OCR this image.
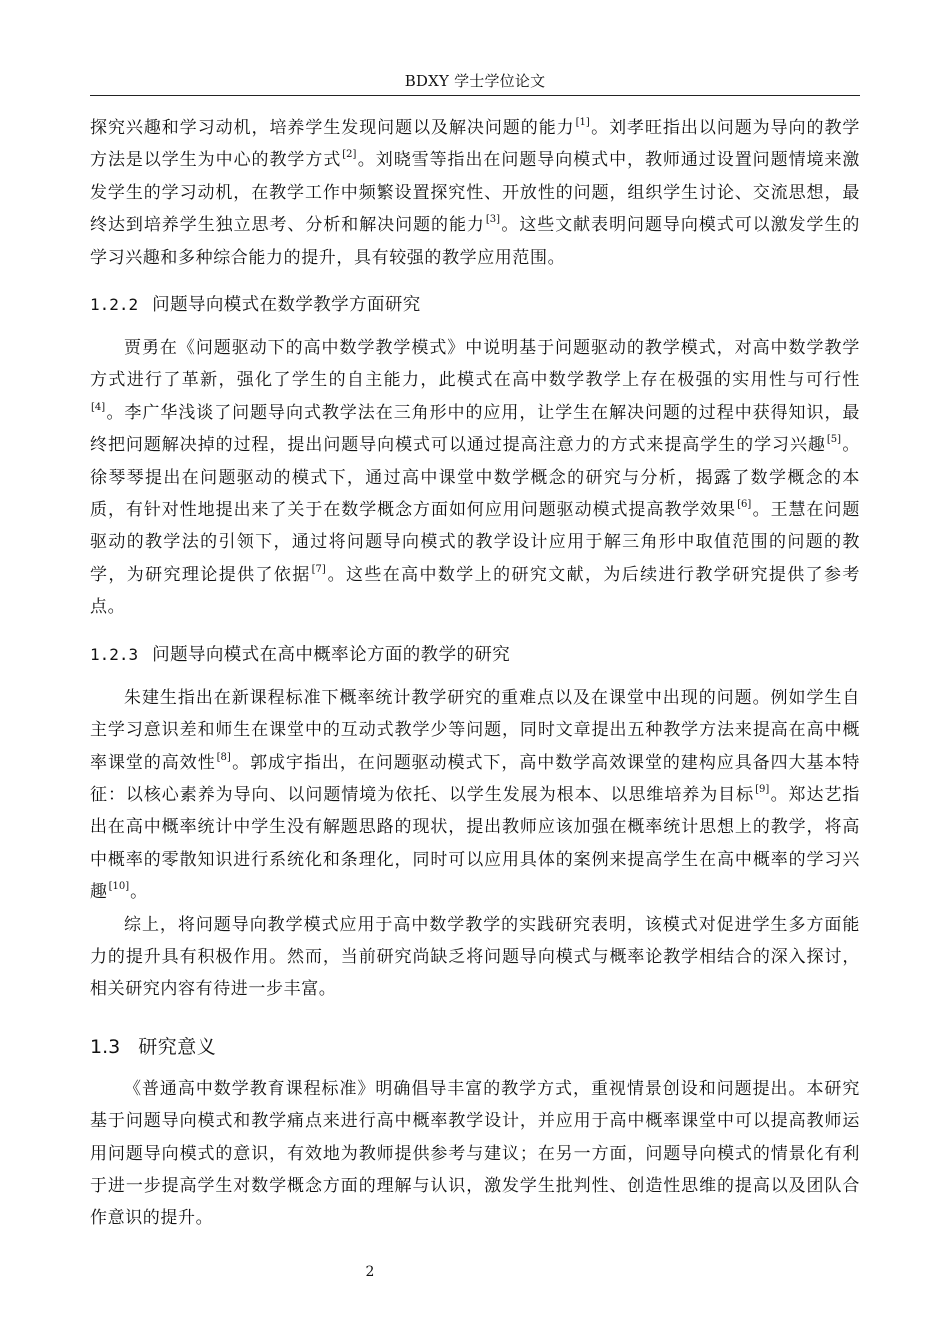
BDXY 学士学位论文

探究兴趣和学习动机，培养学生发现问题以及解决问题的能力[1]。刘孝旺指出以问题为导向的教学方法是以学生为中心的教学方式[2]。刘晓雪等指出在问题导向模式中，教师通过设置问题情境来激发学生的学习动机，在教学工作中频繁设置探究性、开放性的问题，组织学生讨论、交流思想，最终达到培养学生独立思考、分析和解决问题的能力[3]。这些文献表明问题导向模式可以激发学生的学习兴趣和多种综合能力的提升，具有较强的教学应用范围。

1.2.2 问题导向模式在数学教学方面研究

贾勇在《问题驱动下的高中数学教学模式》中说明基于问题驱动的教学模式，对高中数学教学方式进行了革新，强化了学生的自主能力，此模式在高中数学教学上存在极强的实用性与可行性[4]。李广华浅谈了问题导向式教学法在三角形中的应用，让学生在解决问题的过程中获得知识，最终把问题解决掉的过程，提出问题导向模式可以通过提高注意力的方式来提高学生的学习兴趣[5]。徐琴琴提出在问题驱动的模式下，通过高中课堂中数学概念的研究与分析，揭露了数学概念的本质，有针对性地提出来了关于在数学概念方面如何应用问题驱动模式提高教学效果[6]。王慧在问题驱动的教学法的引领下，通过将问题导向模式的教学设计应用于解三角形中取值范围的问题的教学，为研究理论提供了依据[7]。这些在高中数学上的研究文献，为后续进行教学研究提供了参考点。

1.2.3 问题导向模式在高中概率论方面的教学的研究

朱建生指出在新课程标准下概率统计教学研究的重难点以及在课堂中出现的问题。例如学生自主学习意识差和师生在课堂中的互动式教学少等问题，同时文章提出五种教学方法来提高在高中概率课堂的高效性[8]。郭成宇指出，在问题驱动模式下，高中数学高效课堂的建构应具备四大基本特征：以核心素养为导向、以问题情境为依托、以学生发展为根本、以思维培养为目标[9]。郑达艺指出在高中概率统计中学生没有解题思路的现状，提出教师应该加强在概率统计思想上的教学，将高中概率的零散知识进行系统化和条理化，同时可以应用具体的案例来提高学生在高中概率的学习兴趣[10]。

综上，将问题导向教学模式应用于高中数学教学的实践研究表明，该模式对促进学生多方面能力的提升具有积极作用。然而，当前研究尚缺乏将问题导向模式与概率论教学相结合的深入探讨，相关研究内容有待进一步丰富。

1.3 研究意义

《普通高中数学教育课程标准》明确倡导丰富的教学方式，重视情景创设和问题提出。本研究基于问题导向模式和教学痛点来进行高中概率教学设计，并应用于高中概率课堂中可以提高教师运用问题导向模式的意识，有效地为教师提供参考与建议；在另一方面，问题导向模式的情景化有利于进一步提高学生对数学概念方面的理解与认识，激发学生批判性、创造性思维的提高以及团队合作意识的提升。

2
